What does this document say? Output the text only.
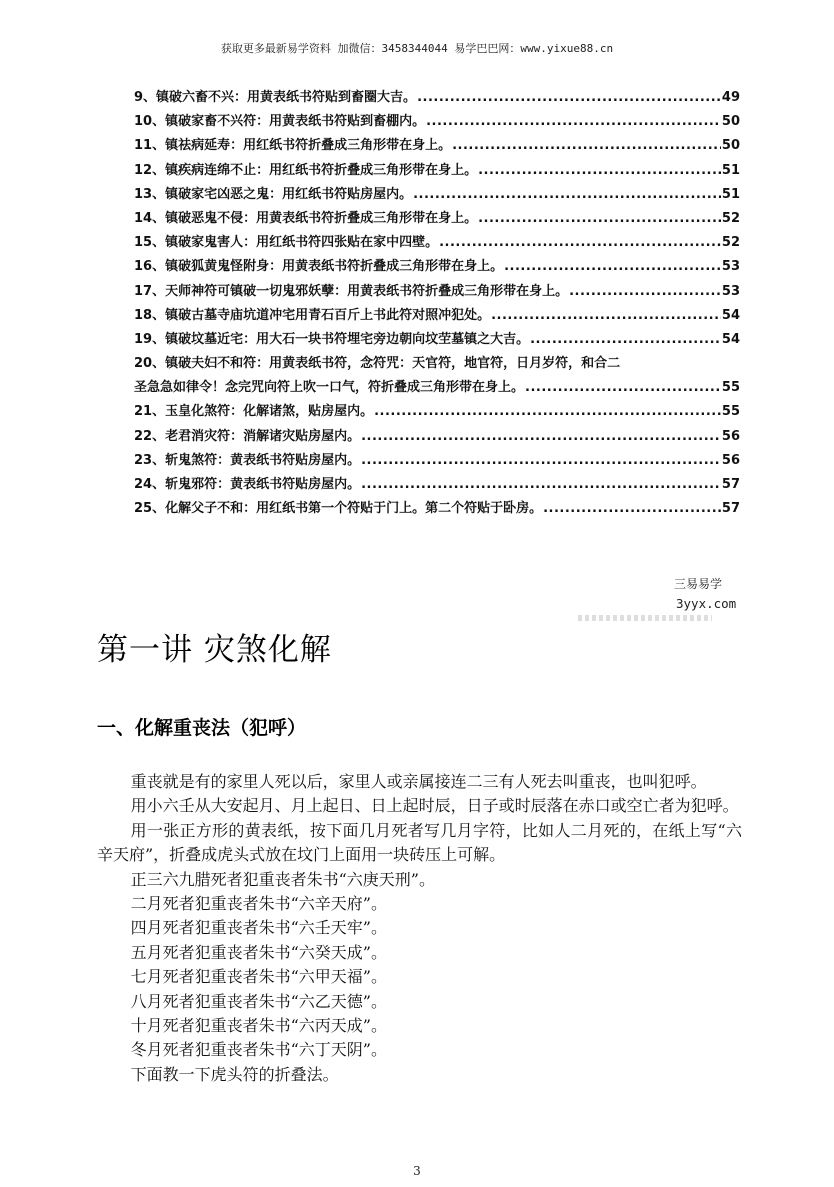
获取更多最新易学资料 加微信：3458344044 易学巴巴网：www.yixue88.cn
9、 镇破六畜不兴：用黄表纸书符贴到畜圈大吉。 .....	49
10、 镇破家畜不兴符：用黄表纸书符贴到畜棚内。 .....	50
11、 镇祛病延寿：用红纸书符折叠成三角形带在身上。 .....	50
12、 镇疾病连绵不止：用红纸书符折叠成三角形带在身上。 .....	51
13、 镇破家宅凶恶之鬼：用红纸书符贴房屋内。 .....	51
14、 镇破恶鬼不侵：用黄表纸书符折叠成三角形带在身上。 .....	52
15、 镇破家鬼害人：用红纸书符四张贴在家中四壁。 .....	52
16、 镇破狐黄鬼怪附身：用黄表纸书符折叠成三角形带在身上。 .....	53
17、 天师神符可镇破一切鬼邪妖孽：用黄表纸书符折叠成三角形带在身上。 .....	53
18、 镇破古墓寺庙坑道冲宅用青石百斤上书此符对照冲犯处。 .....	54
19、 镇破坟墓近宅：用大石一块书符埋宅旁边朝向坟茔墓镇之大吉。 .....	54
20、 镇破夫妇不和符：用黄表纸书符，念符咒：天官符，地官符，日月岁符，和合二
圣急急如律令！念完咒向符上吹一口气，符折叠成三角形带在身上。 .....	55
21、 玉皇化煞符：化解诸煞，贴房屋内。 .....	55
22、 老君消灾符：消解诸灾贴房屋内。 .....	56
23、 斩鬼煞符：黄表纸书符贴房屋内。 .....	56
24、 斩鬼邪符：黄表纸书符贴房屋内。 .....	57
25、 化解父子不和：用红纸书第一个符贴于门上。第二个符贴于卧房。 .....	57
三易易学
3yyx.com
第一讲 灾煞化解
一、化解重丧法（犯呼）

重丧就是有的家里人死以后，家里人或亲属接连二三有人死去叫重丧，也叫犯呼。

用小六壬从大安起月、月上起日、日上起时辰，日子或时辰落在赤口或空亡者为犯呼。

用一张正方形的黄表纸，按下面几月死者写几月字符，比如人二月死的，在纸上写“六辛天府”，折叠成虎头式放在坟门上面用一块砖压上可解。

正三六九腊死者犯重丧者朱书“六庚天刑”。

二月死者犯重丧者朱书“六辛天府”。

四月死者犯重丧者朱书“六壬天牢”。

五月死者犯重丧者朱书“六癸天成”。

七月死者犯重丧者朱书“六甲天福”。

八月死者犯重丧者朱书“六乙天德”。

十月死者犯重丧者朱书“六丙天成”。

冬月死者犯重丧者朱书“六丁天阴”。

下面教一下虎头符的折叠法。

3
